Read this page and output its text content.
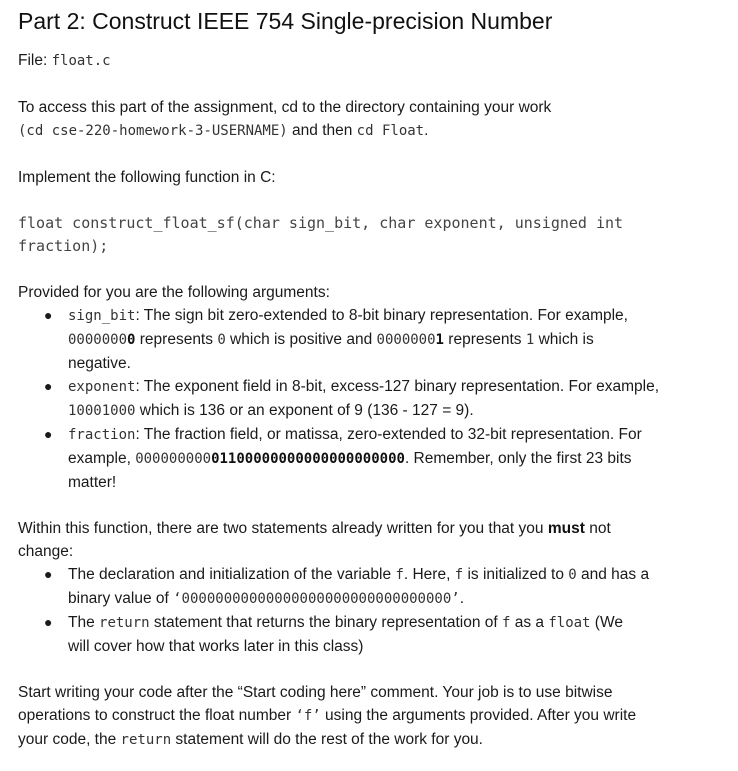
Part 2: Construct IEEE 754 Single-precision Number

File: float.c

To access this part of the assignment, cd to the directory containing your work
(cd cse-220-homework-3-USERNAME) and then cd Float.

Implement the following function in C:

float construct_float_sf(char sign_bit, char exponent, unsigned int
fraction);

Provided for you are the following arguments:

● sign_bit: The sign bit zero-extended to 8-bit binary representation. For example,
00000000 represents 0 which is positive and 00000001 represents 1 which is
negative.
● exponent: The exponent field in 8-bit, excess-127 binary representation. For example,
10001000 which is 136 or an exponent of 9 (136 - 127 = 9).
● fraction: The fraction field, or matissa, zero-extended to 32-bit representation. For
example, 00000000001100000000000000000000. Remember, only the first 23 bits
matter!

Within this function, there are two statements already written for you that you must not
change:

● The declaration and initialization of the variable f. Here, f is initialized to 0 and has a
binary value of ‘00000000000000000000000000000000’.
● The return statement that returns the binary representation of f as a float (We
will cover how that works later in this class)

Start writing your code after the “Start coding here” comment. Your job is to use bitwise
operations to construct the float number ‘f’ using the arguments provided. After you write
your code, the return statement will do the rest of the work for you.
